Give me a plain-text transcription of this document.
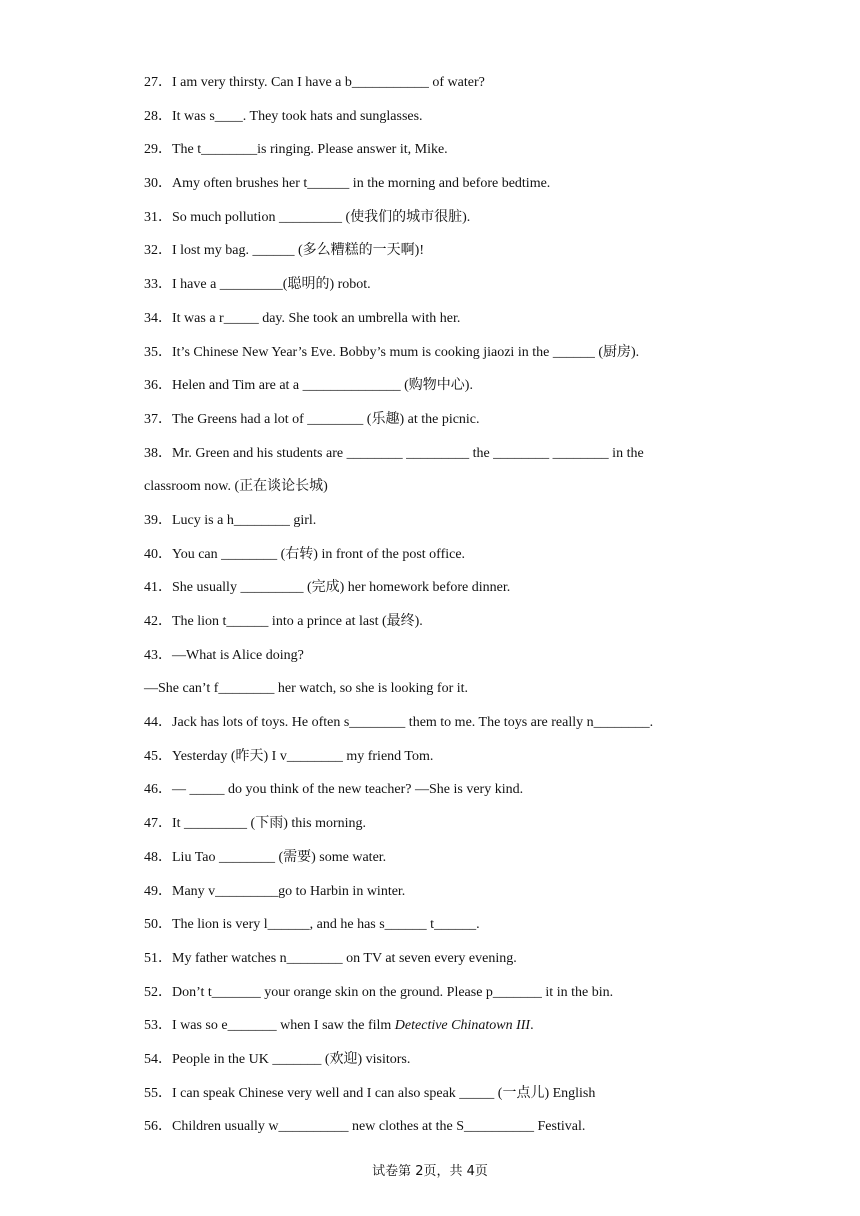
27．I am very thirsty. Can I have a b___________ of water?
28．It was s____. They took hats and sunglasses.
29．The t________is ringing. Please answer it, Mike.
30．Amy often brushes her t______ in the morning and before bedtime.
31．So much pollution _________ (使我们的城市很脏).
32．I lost my bag. ______ (多么糟糕的一天啊)!
33．I have a _________(聪明的) robot.
34．It was a r_____ day. She took an umbrella with her.
35．It’s Chinese New Year’s Eve. Bobby’s mum is cooking jiaozi in the ______ (厨房).
36．Helen and Tim are at a ______________ (购物中心).
37．The Greens had a lot of ________ (乐趣) at the picnic.
38．Mr. Green and his students are ________ _________ the ________ ________ in the
classroom now. (正在谈论长城)
39．Lucy is a h________ girl.
40．You can ________ (右转) in front of the post office.
41．She usually _________ (完成) her homework before dinner.
42．The lion t______ into a prince at last (最终).
43．—What is Alice doing?
—She can’t f________ her watch, so she is looking for it.
44．Jack has lots of toys. He often s________ them to me. The toys are really n________.
45．Yesterday (昨天) I v________ my friend Tom.
46．— _____ do you think of the new teacher? —She is very kind.
47．It _________ (下雨) this morning.
48．Liu Tao ________ (需要) some water.
49．Many v_________go to Harbin in winter.
50．The lion is very l______, and he has s______ t______.
51．My father watches n________ on TV at seven every evening.
52．Don’t t_______ your orange skin on the ground. Please p_______ it in the bin.
53．I was so e_______ when I saw the film Detective Chinatown III.
54．People in the UK _______ (欢迎) visitors.
55．I can speak Chinese very well and I can also speak _____ (一点儿) English
56．Children usually w__________ new clothes at the S__________ Festival.
试卷第 2页，共 4页
